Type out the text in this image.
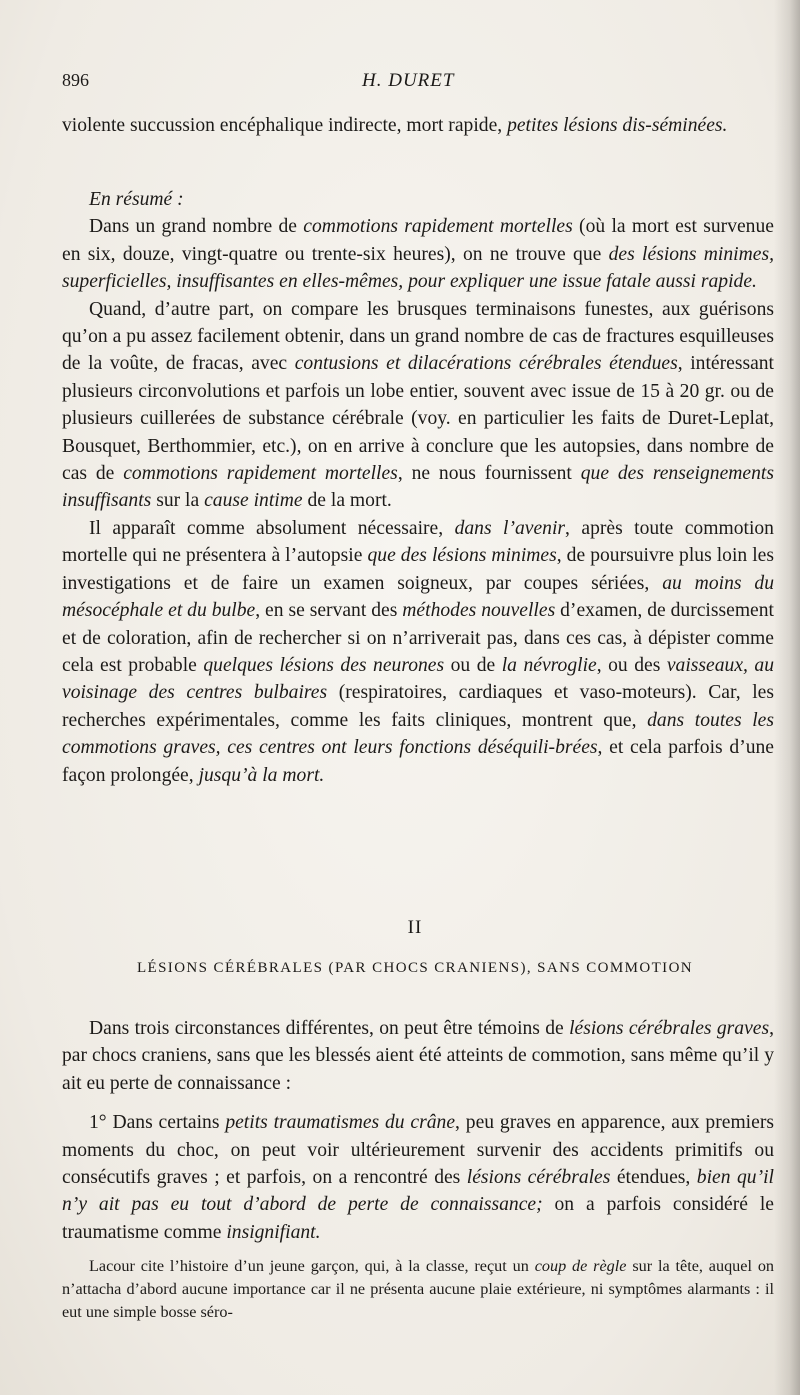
896	H. DURET

violente succussion encéphalique indirecte, mort rapide, petites lésions dis-séminées.

En résumé :

Dans un grand nombre de commotions rapidement mortelles (où la mort est survenue en six, douze, vingt-quatre ou trente-six heures), on ne trouve que des lésions minimes, superficielles, insuffisantes en elles-mêmes, pour expliquer une issue fatale aussi rapide.

Quand, d’autre part, on compare les brusques terminaisons funestes, aux guérisons qu’on a pu assez facilement obtenir, dans un grand nombre de cas de fractures esquilleuses de la voûte, de fracas, avec contusions et dilacérations cérébrales étendues, intéressant plusieurs circonvolutions et parfois un lobe entier, souvent avec issue de 15 à 20 gr. ou de plusieurs cuillerées de substance cérébrale (voy. en particulier les faits de Duret-Leplat, Bousquet, Berthommier, etc.), on en arrive à conclure que les autopsies, dans nombre de cas de commotions rapidement mortelles, ne nous fournissent que des renseignements insuffisants sur la cause intime de la mort.

Il apparaît comme absolument nécessaire, dans l’avenir, après toute commotion mortelle qui ne présentera à l’autopsie que des lésions minimes, de poursuivre plus loin les investigations et de faire un examen soigneux, par coupes sériées, au moins du mésocéphale et du bulbe, en se servant des méthodes nouvelles d’examen, de durcissement et de coloration, afin de rechercher si on n’arriverait pas, dans ces cas, à dépister comme cela est probable quelques lésions des neurones ou de la névroglie, ou des vaisseaux, au voisinage des centres bulbaires (respiratoires, cardiaques et vaso-moteurs). Car, les recherches expérimentales, comme les faits cliniques, montrent que, dans toutes les commotions graves, ces centres ont leurs fonctions déséquili-brées, et cela parfois d’une façon prolongée, jusqu’à la mort.

II
LÉSIONS CÉRÉBRALES (PAR CHOCS CRANIENS), SANS COMMOTION

Dans trois circonstances différentes, on peut être témoins de lésions cérébrales graves, par chocs craniens, sans que les blessés aient été atteints de commotion, sans même qu’il y ait eu perte de connaissance :

1° Dans certains petits traumatismes du crâne, peu graves en apparence, aux premiers moments du choc, on peut voir ultérieurement survenir des accidents primitifs ou consécutifs graves ; et parfois, on a rencontré des lésions cérébrales étendues, bien qu’il n’y ait pas eu tout d’abord de perte de connaissance; on a parfois considéré le traumatisme comme insignifiant.

Lacour cite l’histoire d’un jeune garçon, qui, à la classe, reçut un coup de règle sur la tête, auquel on n’attacha d’abord aucune importance car il ne présenta aucune plaie extérieure, ni symptômes alarmants : il eut une simple bosse séro-
